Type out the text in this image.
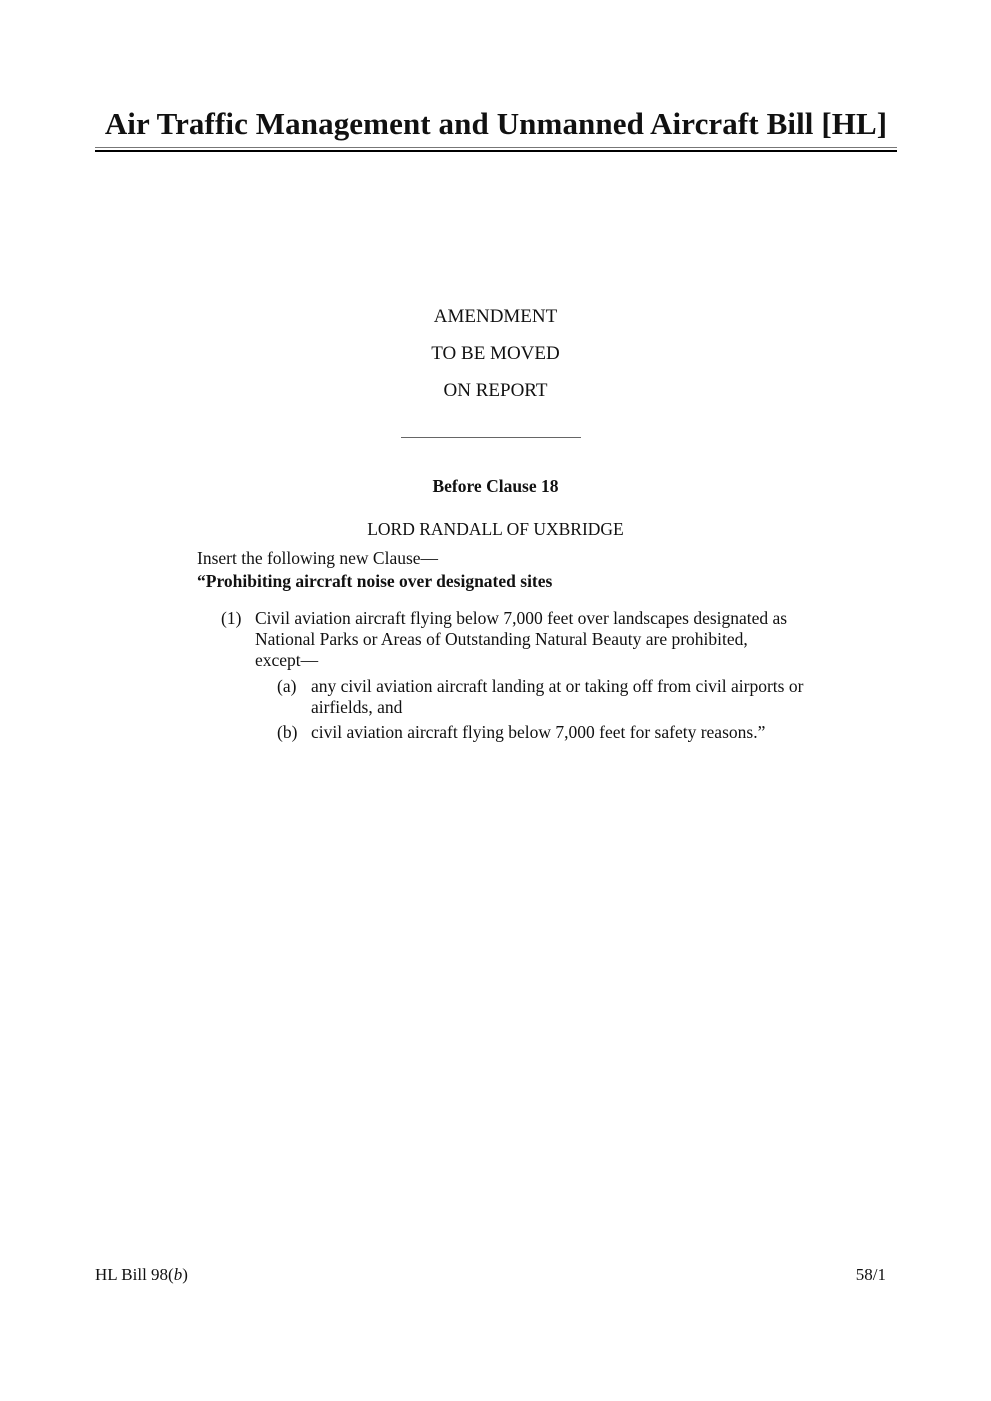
Air Traffic Management and Unmanned Aircraft Bill [HL]
AMENDMENT
TO BE MOVED
ON REPORT
Before Clause 18
LORD RANDALL OF UXBRIDGE
Insert the following new Clause—
“Prohibiting aircraft noise over designated sites
(1) Civil aviation aircraft flying below 7,000 feet over landscapes designated as
National Parks or Areas of Outstanding Natural Beauty are prohibited,
except—
(a) any civil aviation aircraft landing at or taking off from civil airports or
airfields, and
(b) civil aviation aircraft flying below 7,000 feet for safety reasons.”
HL Bill 98(b)	58/1
